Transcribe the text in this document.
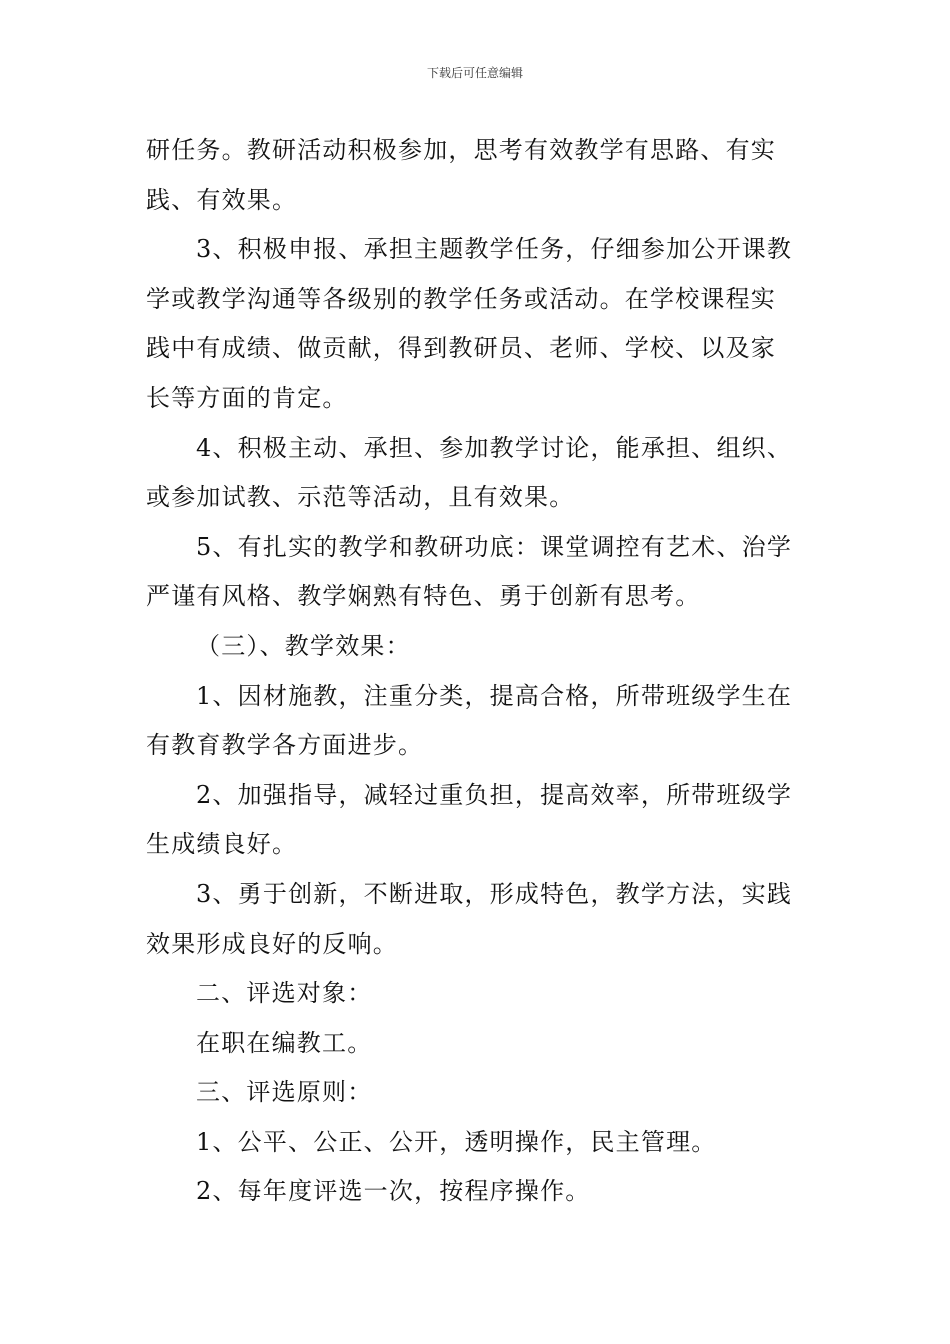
下载后可任意编辑
研任务。教研活动积极参加，思考有效教学有思路、有实
践、有效果。
3、积极申报、承担主题教学任务，仔细参加公开课教
学或教学沟通等各级别的教学任务或活动。在学校课程实
践中有成绩、做贡献，得到教研员、老师、学校、以及家
长等方面的肯定。
4、积极主动、承担、参加教学讨论，能承担、组织、
或参加试教、示范等活动，且有效果。
5、有扎实的教学和教研功底：课堂调控有艺术、治学
严谨有风格、教学娴熟有特色、勇于创新有思考。
（三）、教学效果：
1、因材施教，注重分类，提高合格，所带班级学生在
有教育教学各方面进步。
2、加强指导，减轻过重负担，提高效率，所带班级学
生成绩良好。
3、勇于创新，不断进取，形成特色，教学方法，实践
效果形成良好的反响。
二、评选对象：
在职在编教工。
三、评选原则：
1、公平、公正、公开，透明操作，民主管理。
2、每年度评选一次，按程序操作。
